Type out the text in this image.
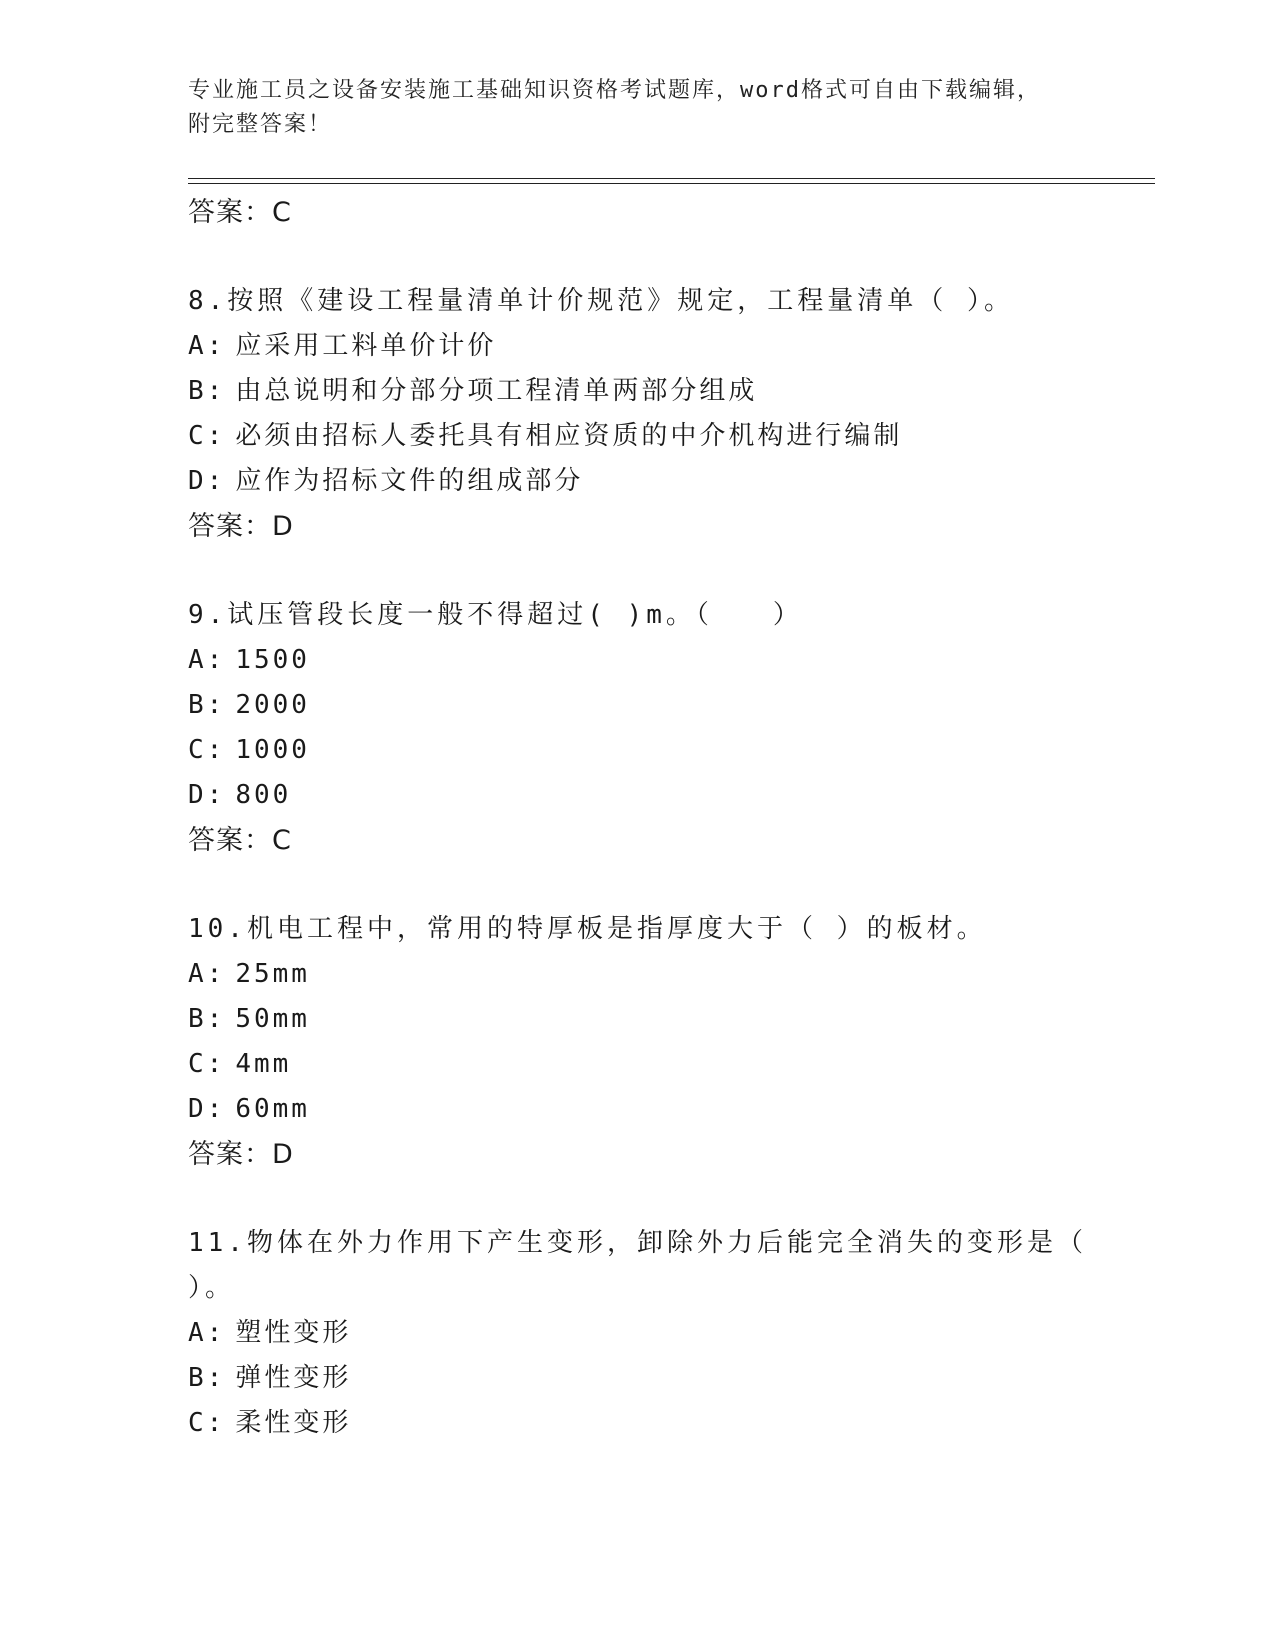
专业施工员之设备安装施工基础知识资格考试题库，word格式可自由下载编辑，
附完整答案！
答案：C
8.按照《建设工程量清单计价规范》规定，工程量清单（ ）。
A: 应采用工料单价计价
B: 由总说明和分部分项工程清单两部分组成
C: 必须由招标人委托具有相应资质的中介机构进行编制
D: 应作为招标文件的组成部分
答案：D
9.试压管段长度一般不得超过( )m。（　　）
A: 1500
B: 2000
C: 1000
D: 800
答案：C
10.机电工程中，常用的特厚板是指厚度大于（ ）的板材。
A: 25mm
B: 50mm
C: 4mm
D: 60mm
答案：D
11.物体在外力作用下产生变形，卸除外力后能完全消失的变形是（
）。
A: 塑性变形
B: 弹性变形
C: 柔性变形
